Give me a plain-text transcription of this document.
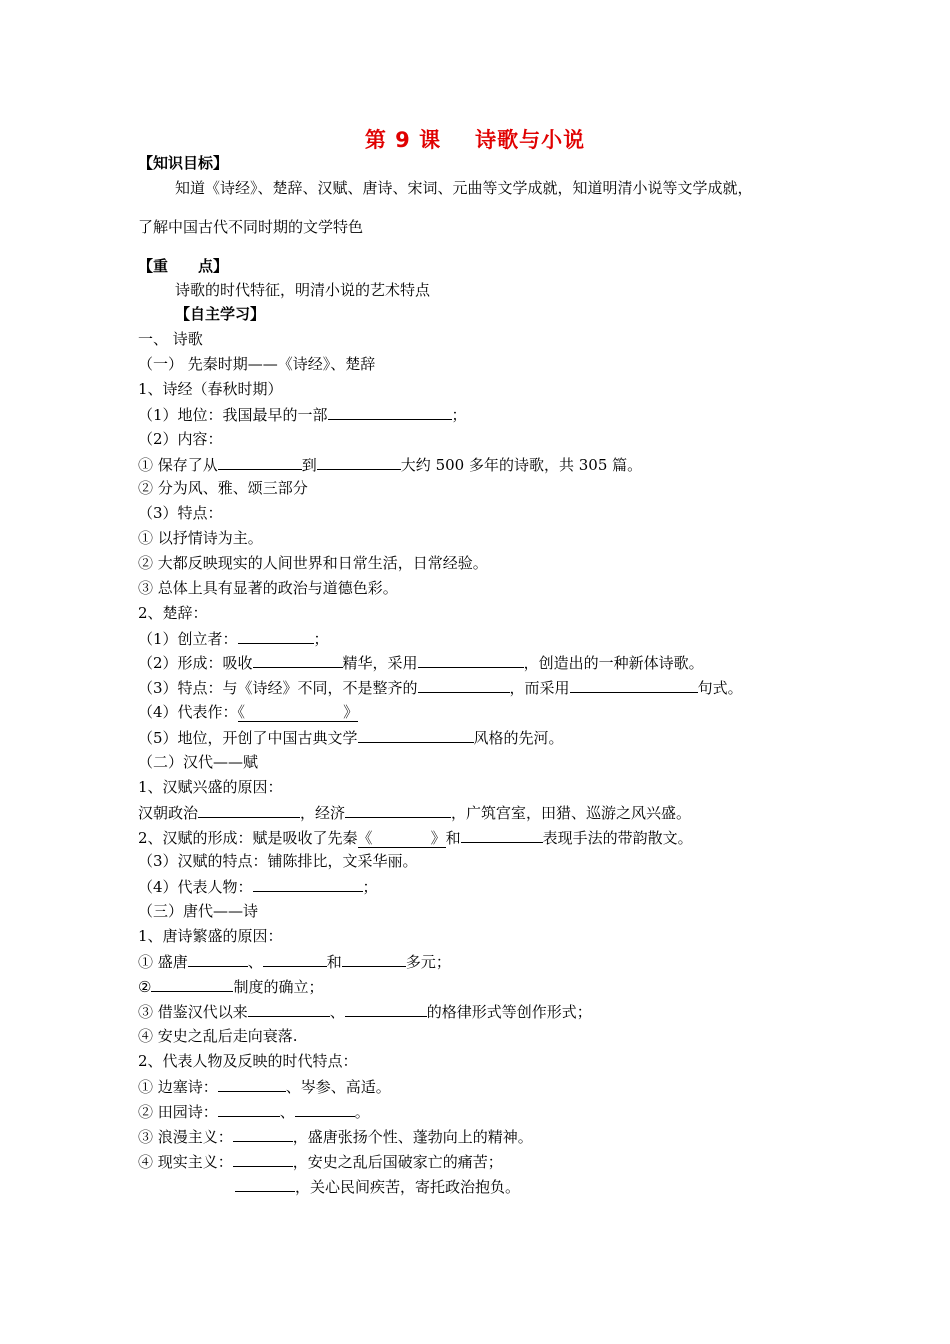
第 9 课 诗歌与小说
【知识目标】
知道《诗经》、楚辞、汉赋、唐诗、宋词、元曲等文学成就，知道明清小说等文学成就，
了解中国古代不同时期的文学特色
【重　　点】
诗歌的时代特征，明清小说的艺术特点
【自主学习】
一、 诗歌
（一） 先秦时期——《诗经》、楚辞
1、诗经（春秋时期）
（1）地位：我国最早的一部	；
（2）内容：
① 保存了从	到	大约 500 多年的诗歌，共 305 篇。
② 分为风、雅、颂三部分
（3）特点：
① 以抒情诗为主。
② 大都反映现实的人间世界和日常生活，日常经验。
③ 总体上具有显著的政治与道德色彩。
2、楚辞：
（1）创立者：	；
（2）形成：吸收	精华，采用	，创造出的一种新体诗歌。
（3）特点：与《诗经》不同，不是整齐的	，而采用	句式。
（4）代表作：《	》
（5）地位，开创了中国古典文学	风格的先河。
（二）汉代——赋
1、汉赋兴盛的原因：
汉朝政治	，经济	，广筑宫室，田猎、巡游之风兴盛。
2、汉赋的形成：赋是吸收了先秦《	》和	表现手法的带韵散文。
（3）汉赋的特点：铺陈排比，文采华丽。
（4）代表人物：	；
（三）唐代——诗
1、唐诗繁盛的原因：
① 盛唐	、	和	多元；
②	制度的确立；
③ 借鉴汉代以来	、	的格律形式等创作形式；
④ 安史之乱后走向衰落.
2、代表人物及反映的时代特点：
① 边塞诗：	、岑参、高适。
② 田园诗：	、	。
③ 浪漫主义：	，盛唐张扬个性、蓬勃向上的精神。
④ 现实主义：	，安史之乱后国破家亡的痛苦；
，关心民间疾苦，寄托政治抱负。
